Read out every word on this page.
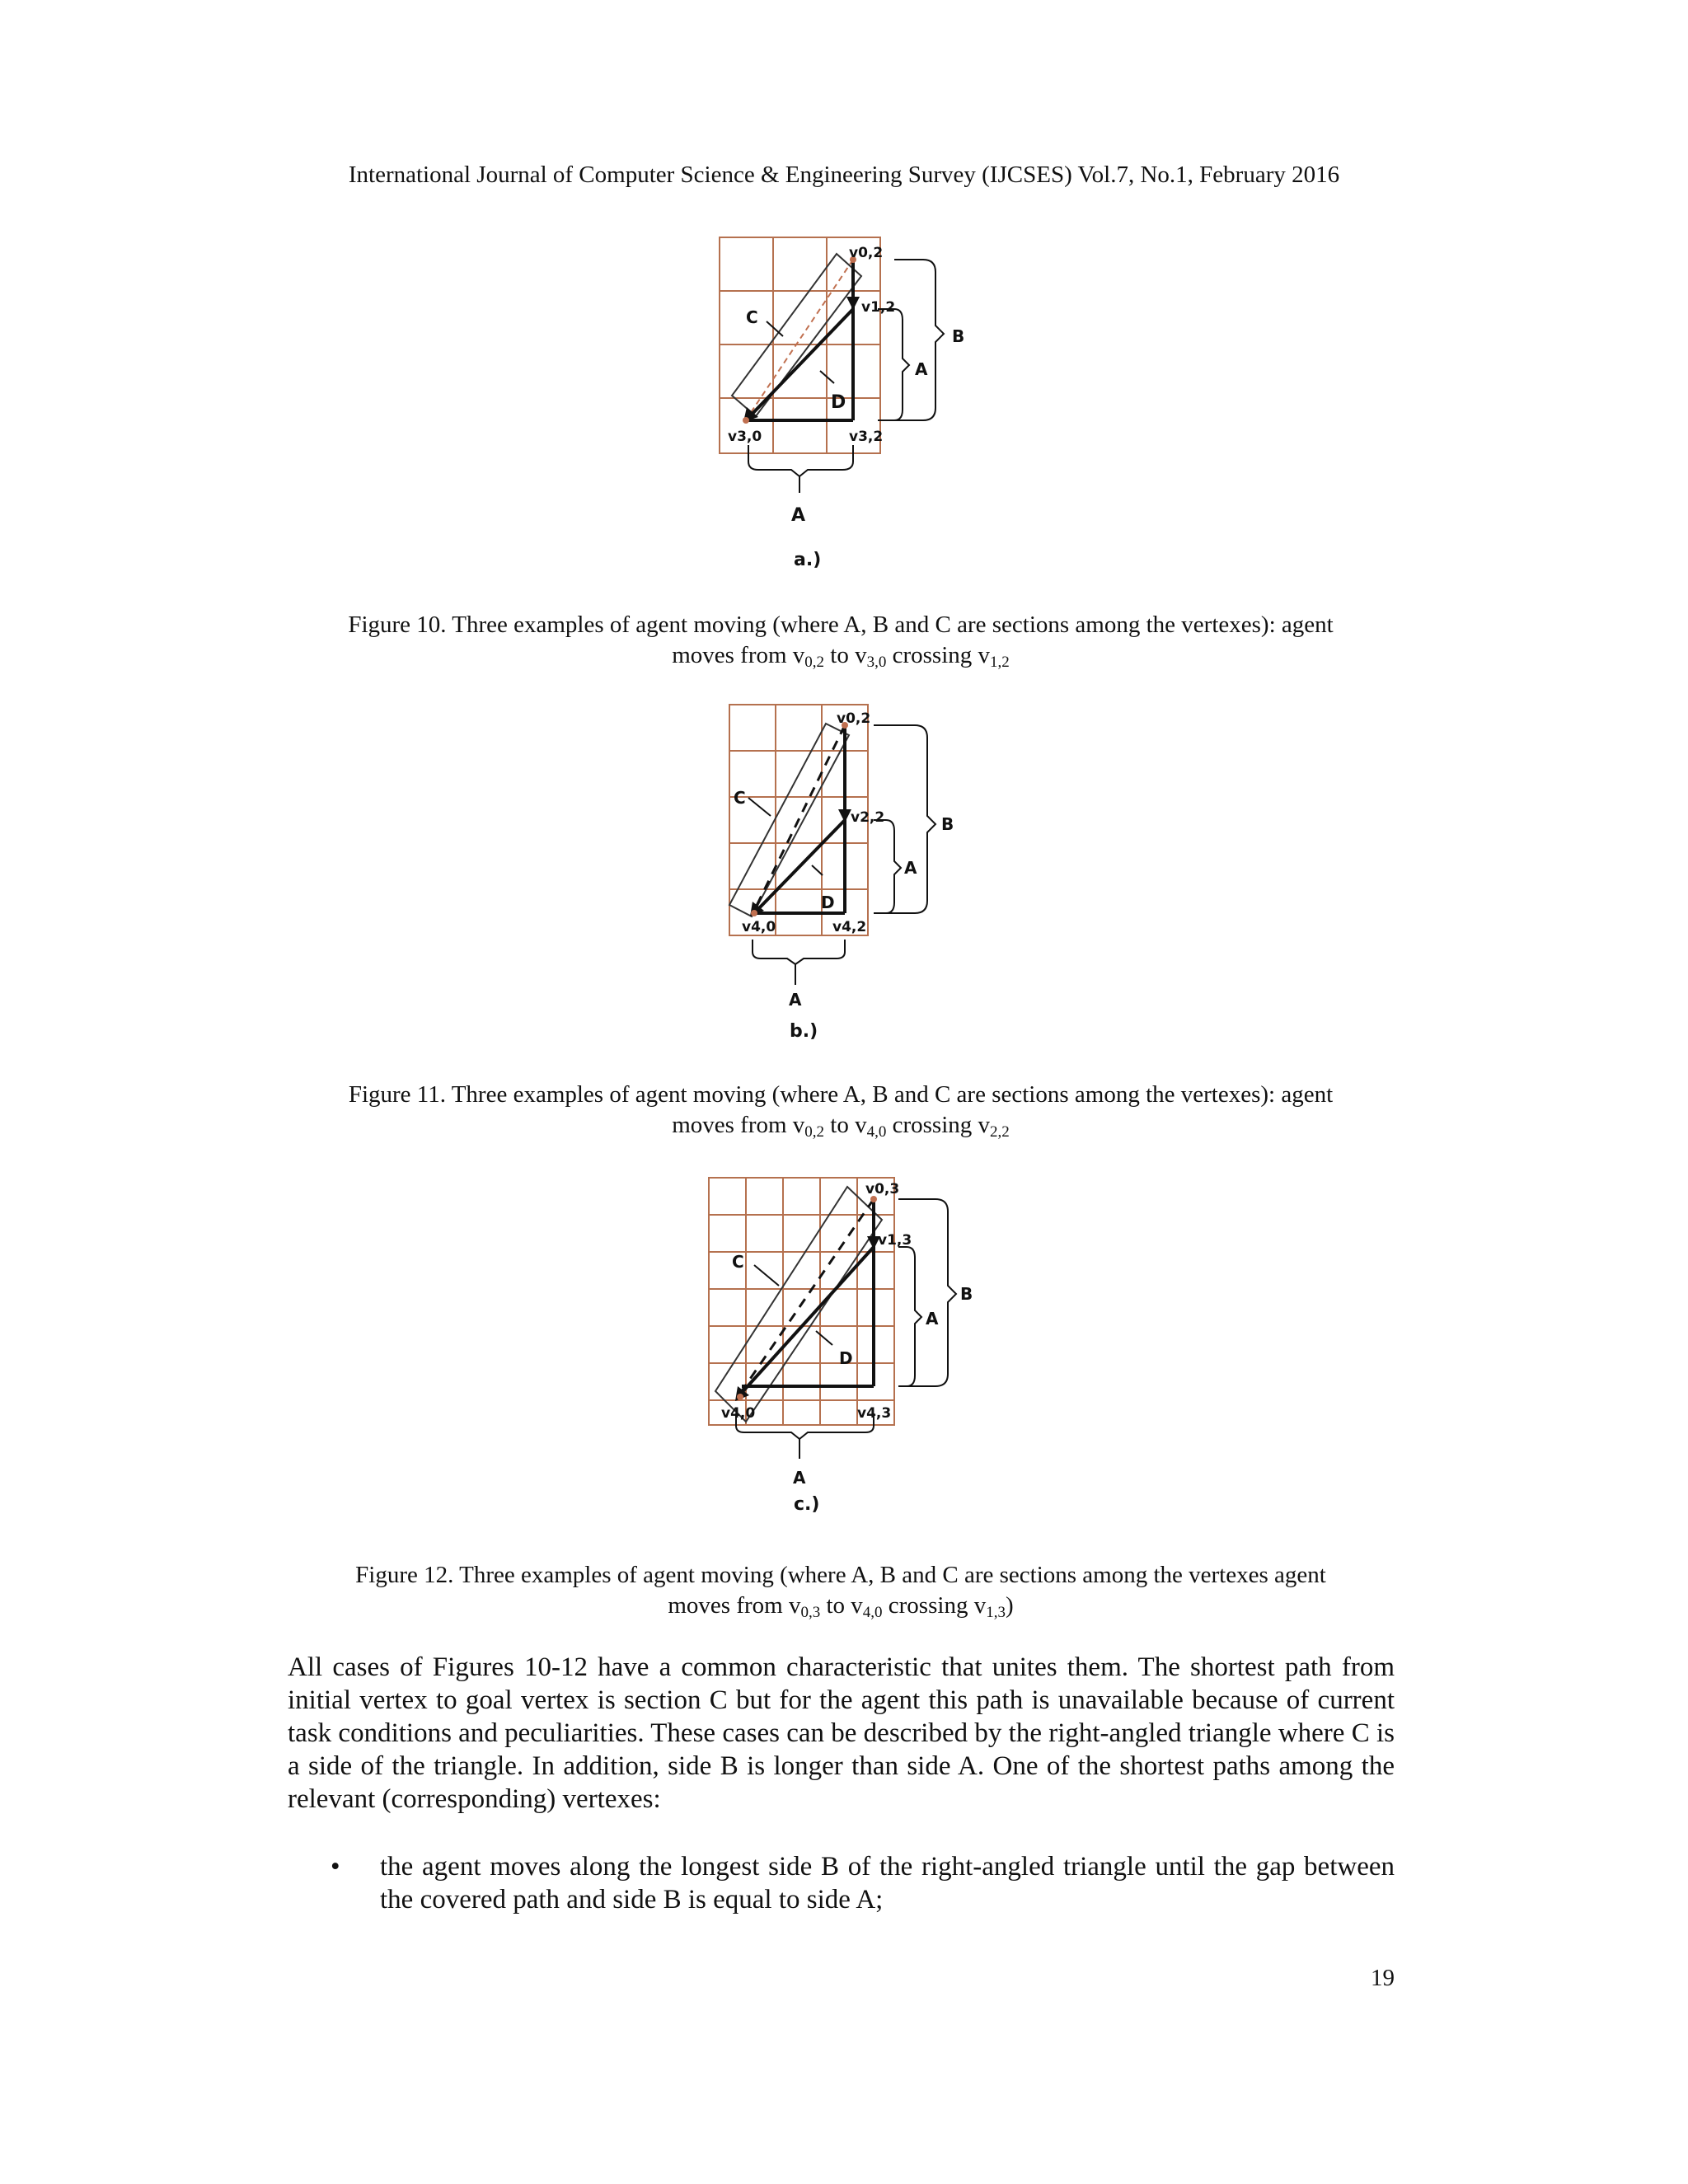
International Journal of Computer Science & Engineering Survey (IJCSES) Vol.7, No.1, February 2016
v0,2
v1,2
v3,0	v3,2
C
D
A
B
A
a.)
Figure 10. Three examples of agent moving (where A, B and C are sections among the vertexes): agent
moves from $v_{0,2}$ to $v_{3,0}$ crossing $v_{1,2}$
v0,2
v2,2
v4,0	v4,2
C
D
A
B
A
b.)
Figure 11. Three examples of agent moving (where A, B and C are sections among the vertexes): agent
moves from $v_{0,2}$ to $v_{4,0}$ crossing $v_{2,2}$
v0,3
v1,3
v4,0	v4,3
C
D
A
B
A
c.)
Figure 12. Three examples of agent moving (where A, B and C are sections among the vertexes agent
moves from $v_{0,3}$ to $v_{4,0}$ crossing $v_{1,3}$)

All cases of Figures 10-12 have a common characteristic that unites them. The shortest path from initial vertex to goal vertex is section C but for the agent this path is unavailable because of current task conditions and peculiarities. These cases can be described by the right-angled triangle where C is a side of the triangle. In addition, side B is longer than side A. One of the shortest paths among the relevant (corresponding) vertexes:

• the agent moves along the longest side B of the right-angled triangle until the gap between the covered path and side B is equal to side A;
19
